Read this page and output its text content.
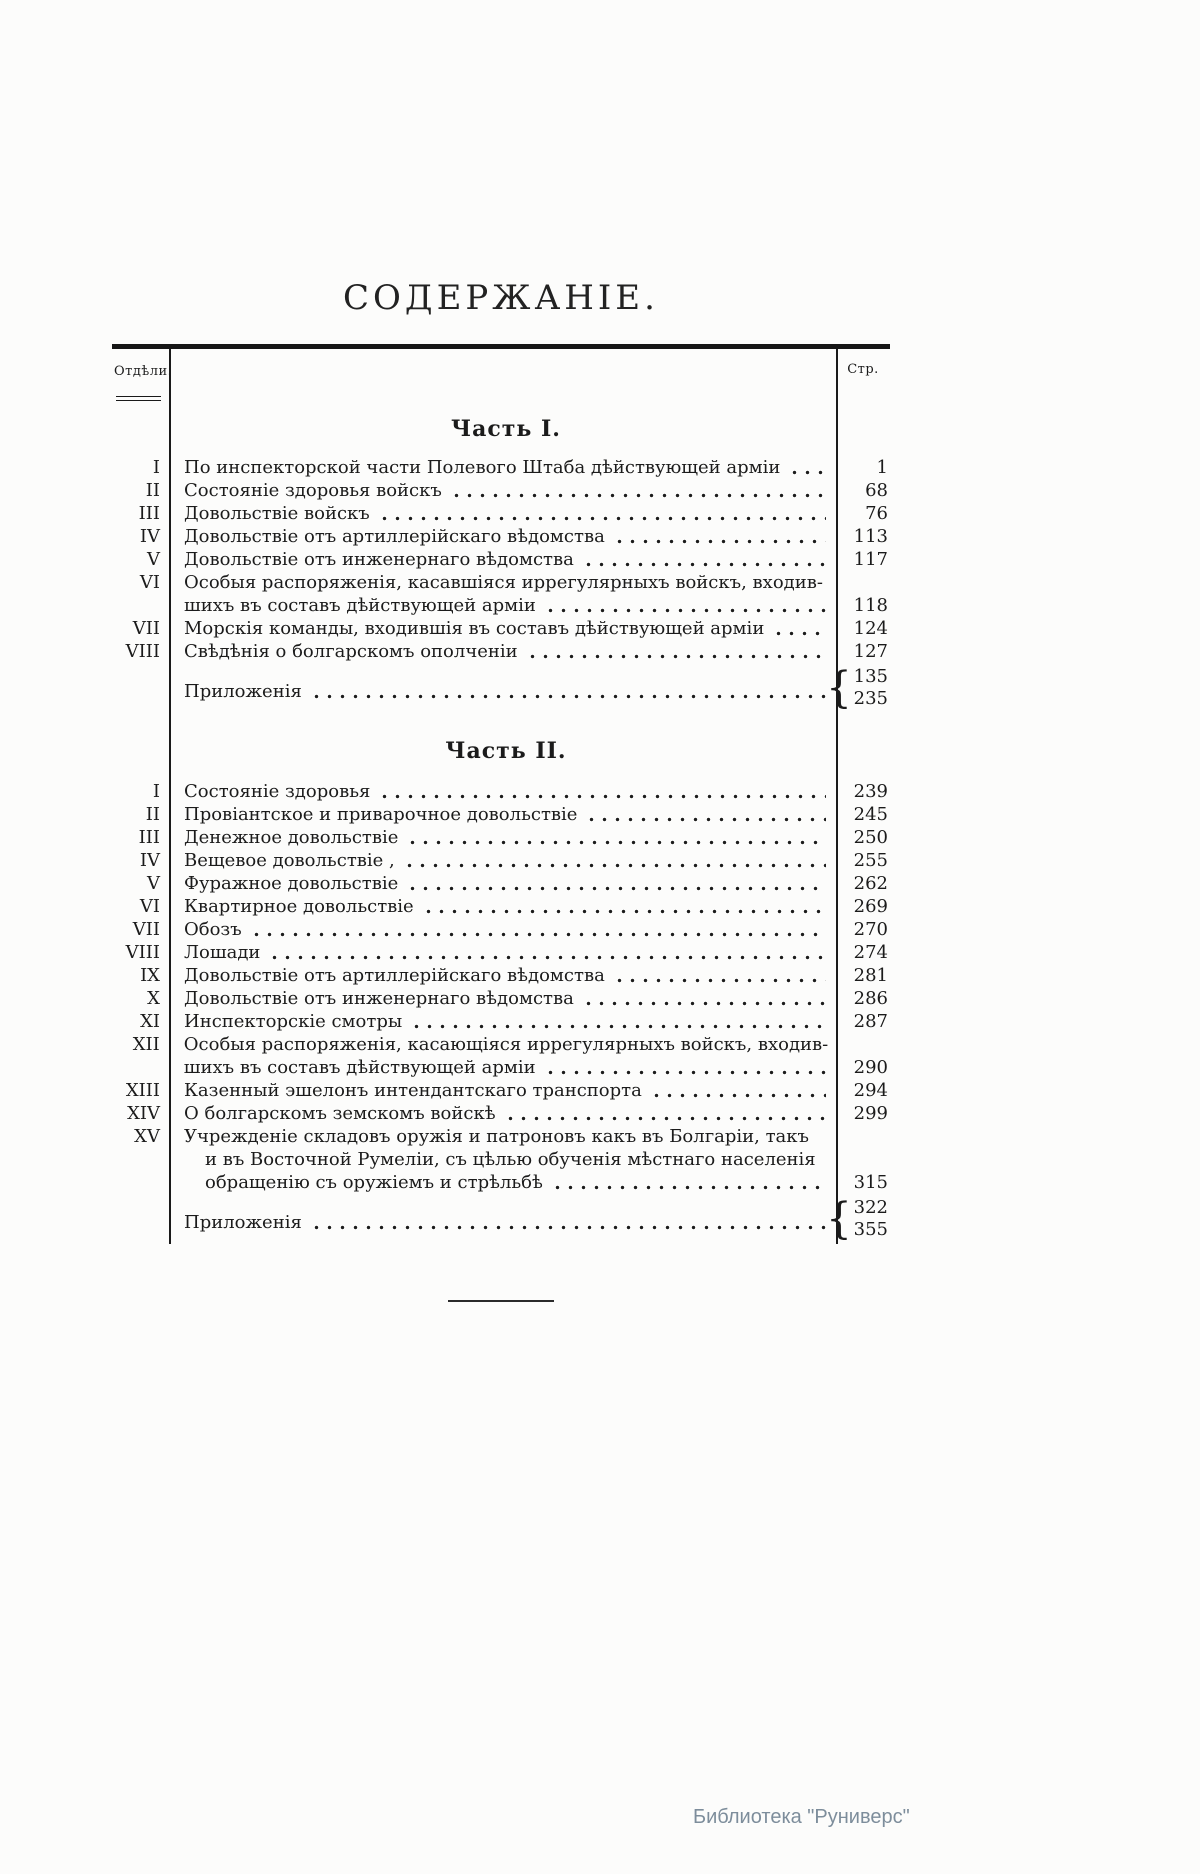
СОДЕРЖАНІЕ.
Отдѣли.	Стр.
Часть I.
I	По инспекторской части Полевого Штаба дѣйствующей арміи	1
II	Состояніе здоровья войскъ	68
III	Довольствіе войскъ	76
IV	Довольствіе отъ артиллерійскаго вѣдомства	113
V	Довольствіе отъ инженернаго вѣдомства	117
VI	Особыя распоряженія, касавшіяся иррегулярныхъ войскъ, входив-
шихъ въ составъ дѣйствующей арміи	118
VII	Морскія команды, входившія въ составъ дѣйствующей арміи	124
VIII	Свѣдѣнія о болгарскомъ ополченіи	127
Приложенія	{ 135
235
Часть II.
I	Состояніе здоровья	239
II	Провіантское и приварочное довольствіе	245
III	Денежное довольствіе	250
IV	Вещевое довольствіе ,	255
V	Фуражное довольствіе	262
VI	Квартирное довольствіе	269
VII	Обозъ	270
VIII	Лошади	274
IX	Довольствіе отъ артиллерійскаго вѣдомства	281
X	Довольствіе отъ инженернаго вѣдомства	286
XI	Инспекторскіе смотры	287
XII	Особыя распоряженія, касающіяся иррегулярныхъ войскъ, входив-
шихъ въ составъ дѣйствующей арміи	290
XIII	Казенный эшелонъ интендантскаго транспорта	294
XIV	О болгарскомъ земскомъ войскѣ	299
XV	Учрежденіе складовъ оружія и патроновъ какъ въ Болгаріи, такъ
и въ Восточной Румеліи, съ цѣлью обученія мѣстнаго населенія
обращенію съ оружіемъ и стрѣльбѣ	315
Приложенія	{ 322
355
Библиотека "Руниверс"
